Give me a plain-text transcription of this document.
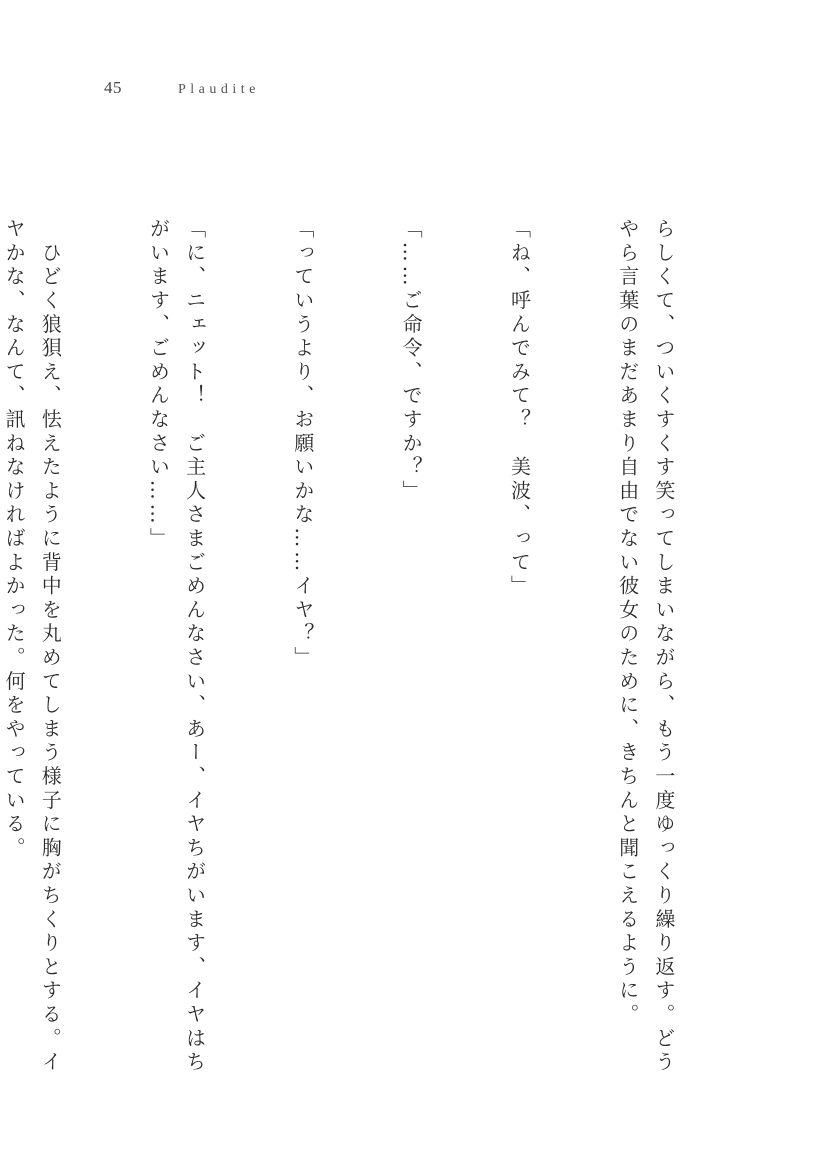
45	Plaudite

らしくて、ついくすくす笑ってしまいながら、もう一度ゆっくり繰り返す。どうやら言葉のまだあまり自由でない彼女のために、きちんと聞こえるように。

「ね、呼んでみて？　美波、って」

「……ご命令、ですか？」

「っていうより、お願いかな……イヤ？」

「に、ニェット！　ご主人さまごめんなさい、あー、イヤちがいます、イヤはちがいます、ごめんなさい……」

　ひどく狼狽え、怯えたように背中を丸めてしまう様子に胸がちくりとする。イヤかな、なんて、訊ねなければよかった。何をやっている。
